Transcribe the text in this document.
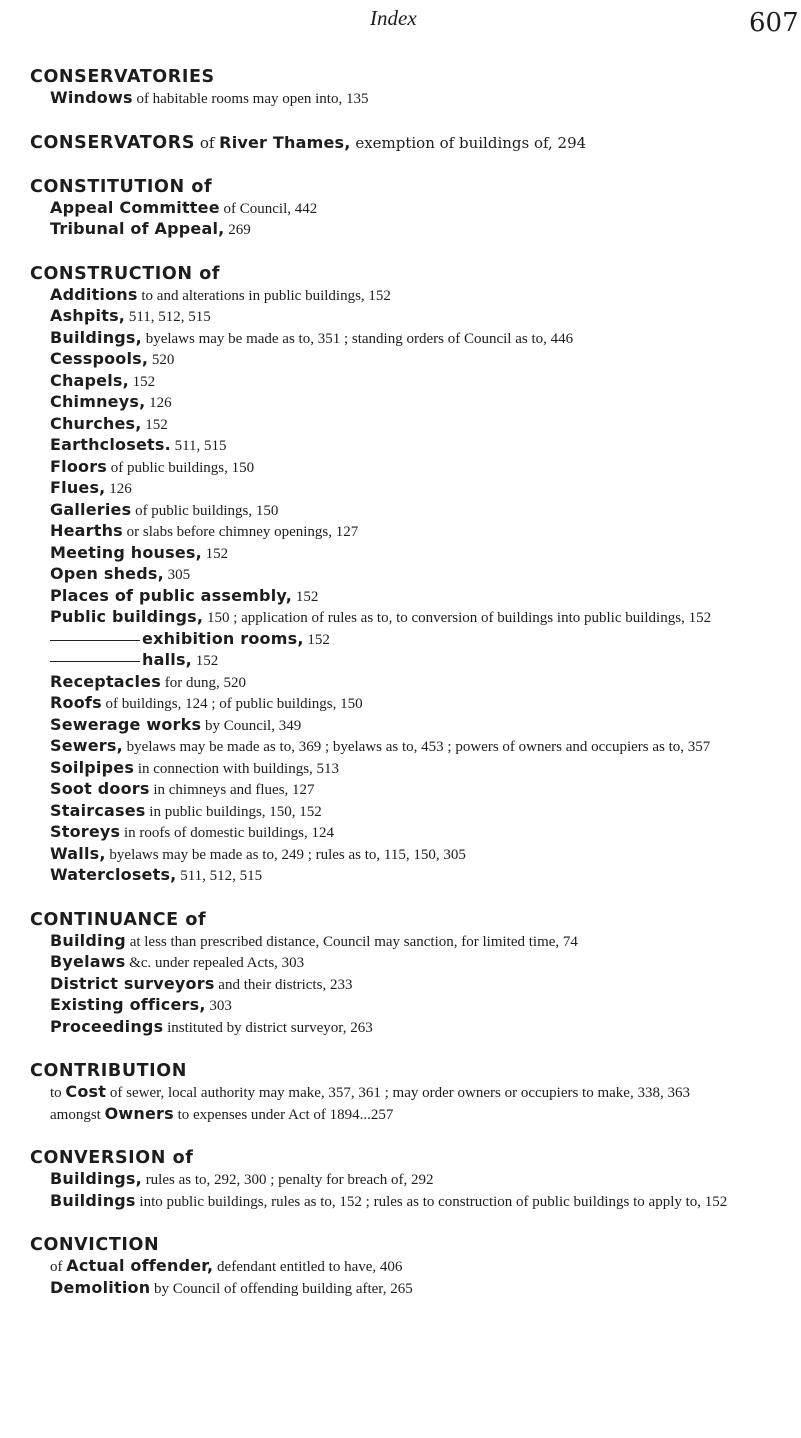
Index	607
CONSERVATORIES
Windows of habitable rooms may open into, 135
CONSERVATORS of River Thames, exemption of buildings of, 294
CONSTITUTION of
Appeal Committee of Council, 442
Tribunal of Appeal, 269
CONSTRUCTION of
Additions to and alterations in public buildings, 152
Ashpits, 511, 512, 515
Buildings, byelaws may be made as to, 351 ; standing orders of Council as to, 446
Cesspools, 520
Chapels, 152
Chimneys, 126
Churches, 152
Earthclosets. 511, 515
Floors of public buildings, 150
Flues, 126
Galleries of public buildings, 150
Hearths or slabs before chimney openings, 127
Meeting houses, 152
Open sheds, 305
Places of public assembly, 152
Public buildings, 150 ; application of rules as to, to conversion of buildings into public buildings, 152
exhibition rooms, 152
halls, 152
Receptacles for dung, 520
Roofs of buildings, 124 ; of public buildings, 150
Sewerage works by Council, 349
Sewers, byelaws may be made as to, 369 ; byelaws as to, 453 ; powers of owners and occupiers as to, 357
Soilpipes in connection with buildings, 513
Soot doors in chimneys and flues, 127
Staircases in public buildings, 150, 152
Storeys in roofs of domestic buildings, 124
Walls, byelaws may be made as to, 249 ; rules as to, 115, 150, 305
Waterclosets, 511, 512, 515
CONTINUANCE of
Building at less than prescribed distance, Council may sanction, for limited time, 74
Byelaws &c. under repealed Acts, 303
District surveyors and their districts, 233
Existing officers, 303
Proceedings instituted by district surveyor, 263
CONTRIBUTION
to Cost of sewer, local authority may make, 357, 361 ; may order owners or occupiers to make, 338, 363
amongst Owners to expenses under Act of 1894...257
CONVERSION of
Buildings, rules as to, 292, 300 ; penalty for breach of, 292
Buildings into public buildings, rules as to, 152 ; rules as to construction of public buildings to apply to, 152
CONVICTION
of Actual offender, defendant entitled to have, 406
Demolition by Council of offending building after, 265
